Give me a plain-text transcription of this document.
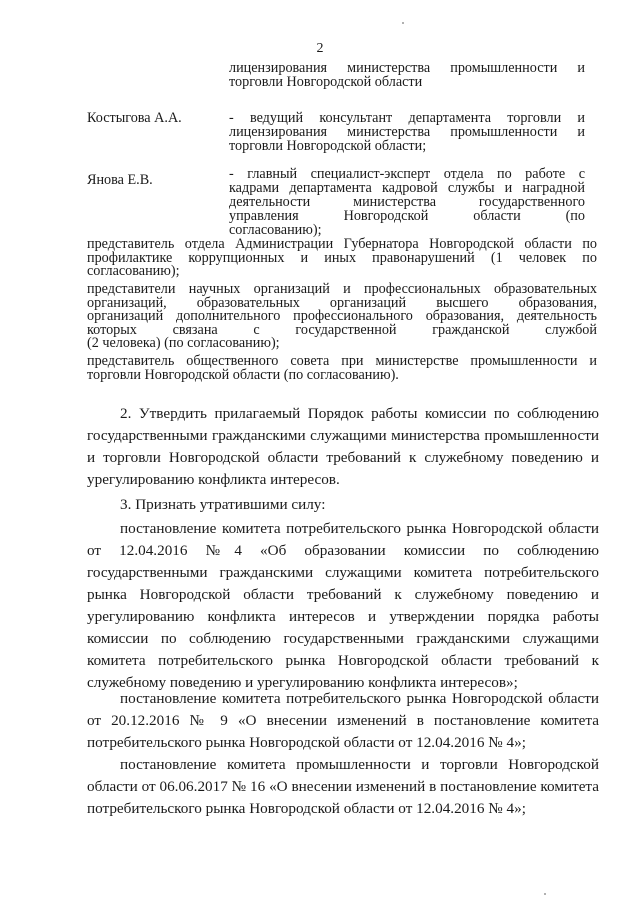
2
лицензирования министерства промышленности и
торговли Новгородской области
Костыгова А.А.	- ведущий консультант департамента торговли и
лицензирования министерства промышленности и
торговли Новгородской области;
Янова Е.В.	- главный специалист-эксперт отдела по работе с
кадрами департамента кадровой службы и наградной
деятельности министерства государственного
управления Новгородской области (по
согласованию);
представитель отдела Администрации Губернатора Новгородской области по
профилактике коррупционных и иных правонарушений (1 человек по
согласованию);
представители научных организаций и профессиональных образовательных
организаций, образовательных организаций высшего образования,
организаций дополнительного профессионального образования, деятельность
которых связана с государственной гражданской службой
(2 человека) (по согласованию);
представитель общественного совета при министерстве промышленности и
торговли Новгородской области (по согласованию).
2. Утвердить прилагаемый Порядок работы комиссии по соблюдению
государственными гражданскими служащими министерства промышленности
и торговли Новгородской области требований к служебному поведению и
урегулированию конфликта интересов.
3. Признать утратившими силу:
постановление комитета потребительского рынка Новгородской области
от 12.04.2016 №4 «Об образовании комиссии по соблюдению
государственными гражданскими служащими комитета потребительского
рынка Новгородской области требований к служебному поведению и
урегулированию конфликта интересов и утверждении порядка работы
комиссии по соблюдению государственными гражданскими служащими
комитета потребительского рынка Новгородской области требований к
служебному поведению и урегулированию конфликта интересов»;
постановление комитета потребительского рынка Новгородской области
от 20.12.2016 № 9 «О внесении изменений в постановление комитета
потребительского рынка Новгородской области от 12.04.2016 № 4»;
постановление комитета промышленности и торговли Новгородской
области от 06.06.2017 № 16 «О внесении изменений в постановление комитета
потребительского рынка Новгородской области от 12.04.2016 № 4»;
